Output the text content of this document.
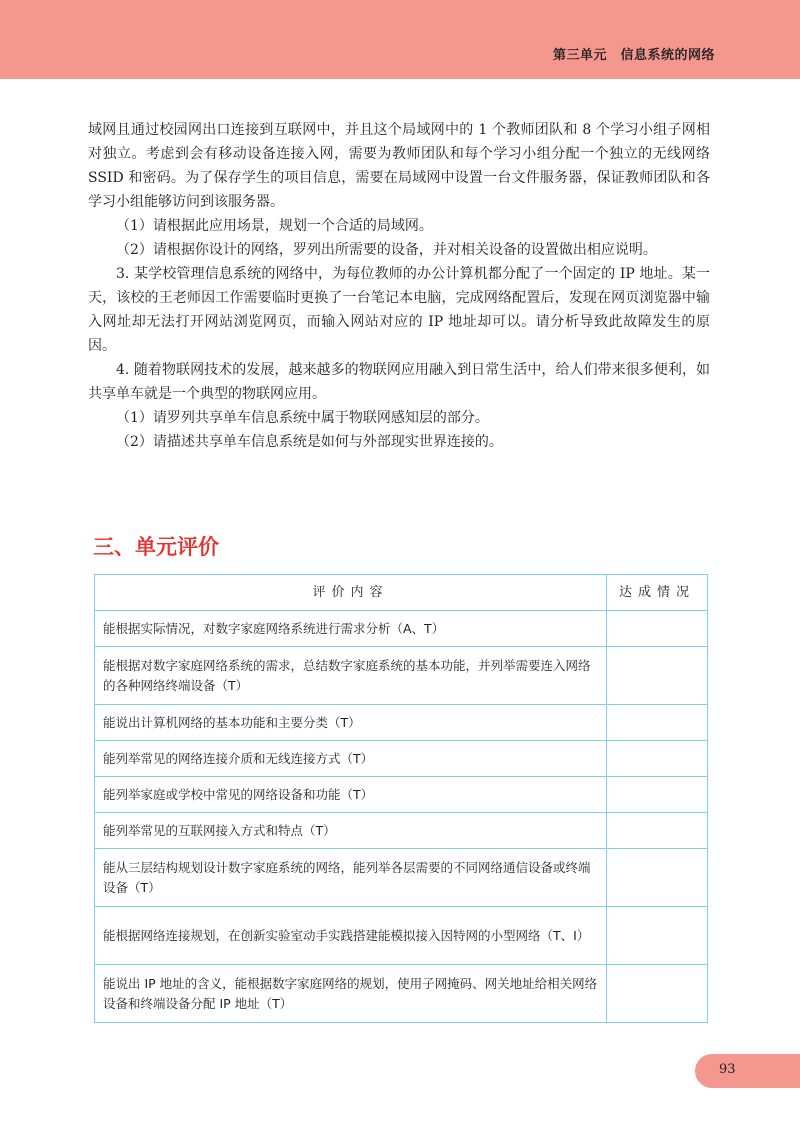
第三单元　信息系统的网络

域网且通过校园网出口连接到互联网中，并且这个局域网中的 1 个教师团队和 8 个学习小组子网相对独立。考虑到会有移动设备连接入网，需要为教师团队和每个学习小组分配一个独立的无线网络 SSID 和密码。为了保存学生的项目信息，需要在局域网中设置一台文件服务器，保证教师团队和各学习小组能够访问到该服务器。

（1）请根据此应用场景，规划一个合适的局域网。

（2）请根据你设计的网络，罗列出所需要的设备，并对相关设备的设置做出相应说明。

3. 某学校管理信息系统的网络中，为每位教师的办公计算机都分配了一个固定的 IP 地址。某一天，该校的王老师因工作需要临时更换了一台笔记本电脑，完成网络配置后，发现在网页浏览器中输入网址却无法打开网站浏览网页，而输入网站对应的 IP 地址却可以。请分析导致此故障发生的原因。

4. 随着物联网技术的发展，越来越多的物联网应用融入到日常生活中，给人们带来很多便利，如共享单车就是一个典型的物联网应用。

（1）请罗列共享单车信息系统中属于物联网感知层的部分。

（2）请描述共享单车信息系统是如何与外部现实世界连接的。

三、单元评价
评价内容	达成情况
能根据实际情况，对数字家庭网络系统进行需求分析（A、T）	
能根据对数字家庭网络系统的需求，总结数字家庭系统的基本功能，并列举需要连入网络的各种网络终端设备（T）	
能说出计算机网络的基本功能和主要分类（T）	
能列举常见的网络连接介质和无线连接方式（T）	
能列举家庭或学校中常见的网络设备和功能（T）	
能列举常见的互联网接入方式和特点（T）	
能从三层结构规划设计数字家庭系统的网络，能列举各层需要的不同网络通信设备或终端设备（T）	
能根据网络连接规划，在创新实验室动手实践搭建能模拟接入因特网的小型网络（T、I）	
能说出 IP 地址的含义，能根据数字家庭网络的规划，使用子网掩码、网关地址给相关网络设备和终端设备分配 IP 地址（T）	
93
